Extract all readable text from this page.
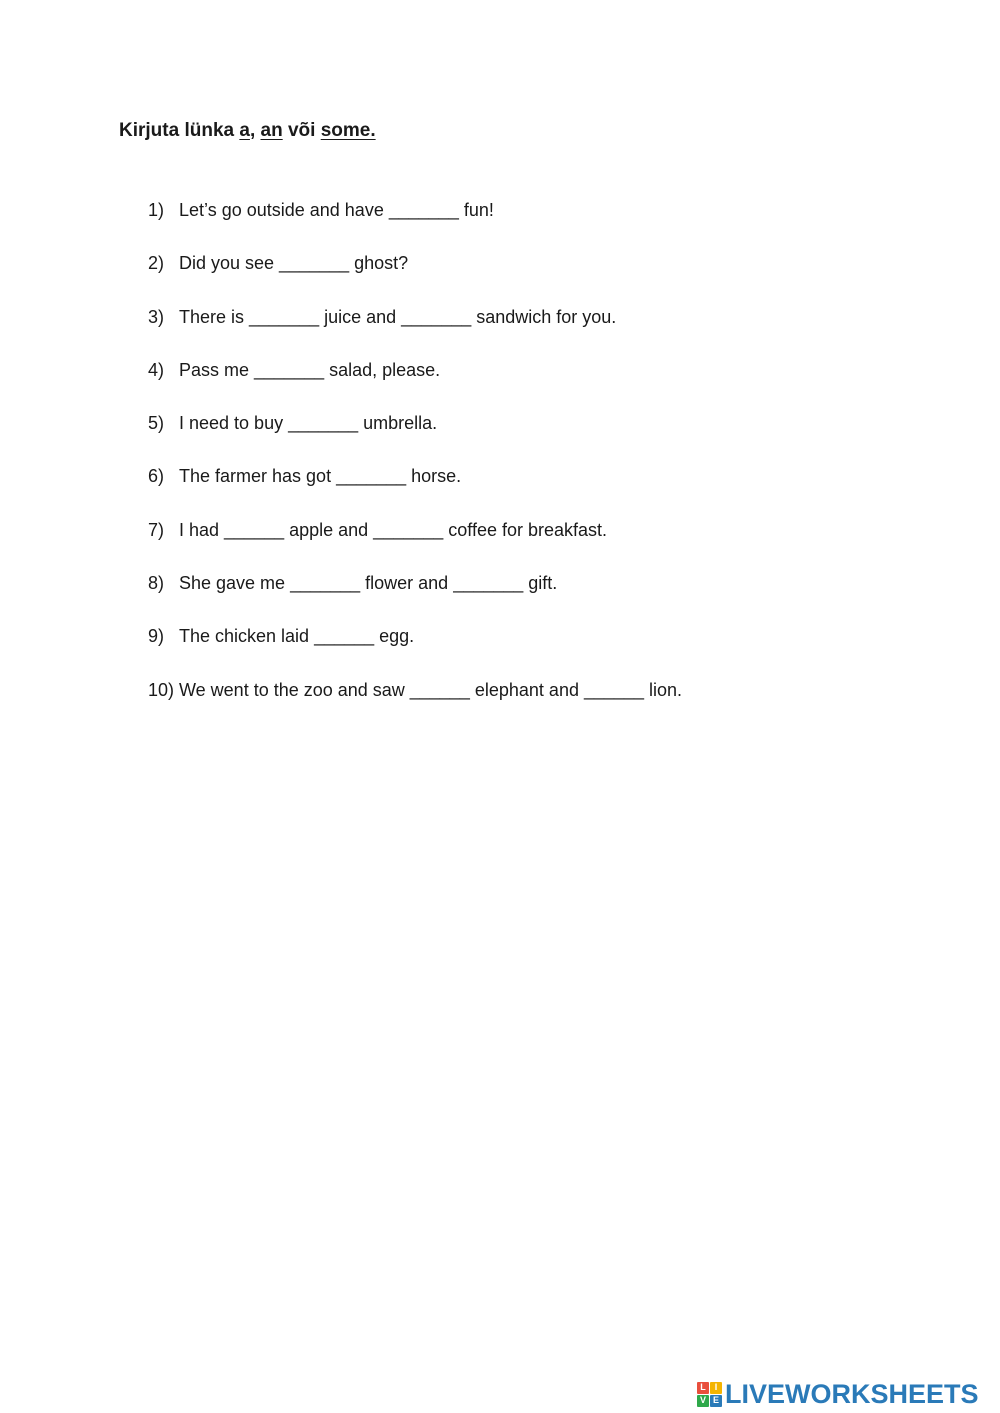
Kirjuta lünka a, an või some.
1) Let’s go outside and have _______ fun!
2) Did you see _______ ghost?
3) There is _______ juice and _______ sandwich for you.
4) Pass me _______ salad, please.
5) I need to buy _______ umbrella.
6) The farmer has got _______ horse.
7) I had ______ apple and _______ coffee for breakfast.
8) She gave me _______ flower and _______ gift.
9) The chicken laid ______ egg.
10) We went to the zoo and saw ______ elephant and ______ lion.
L I
V E LIVEWORKSHEETS
